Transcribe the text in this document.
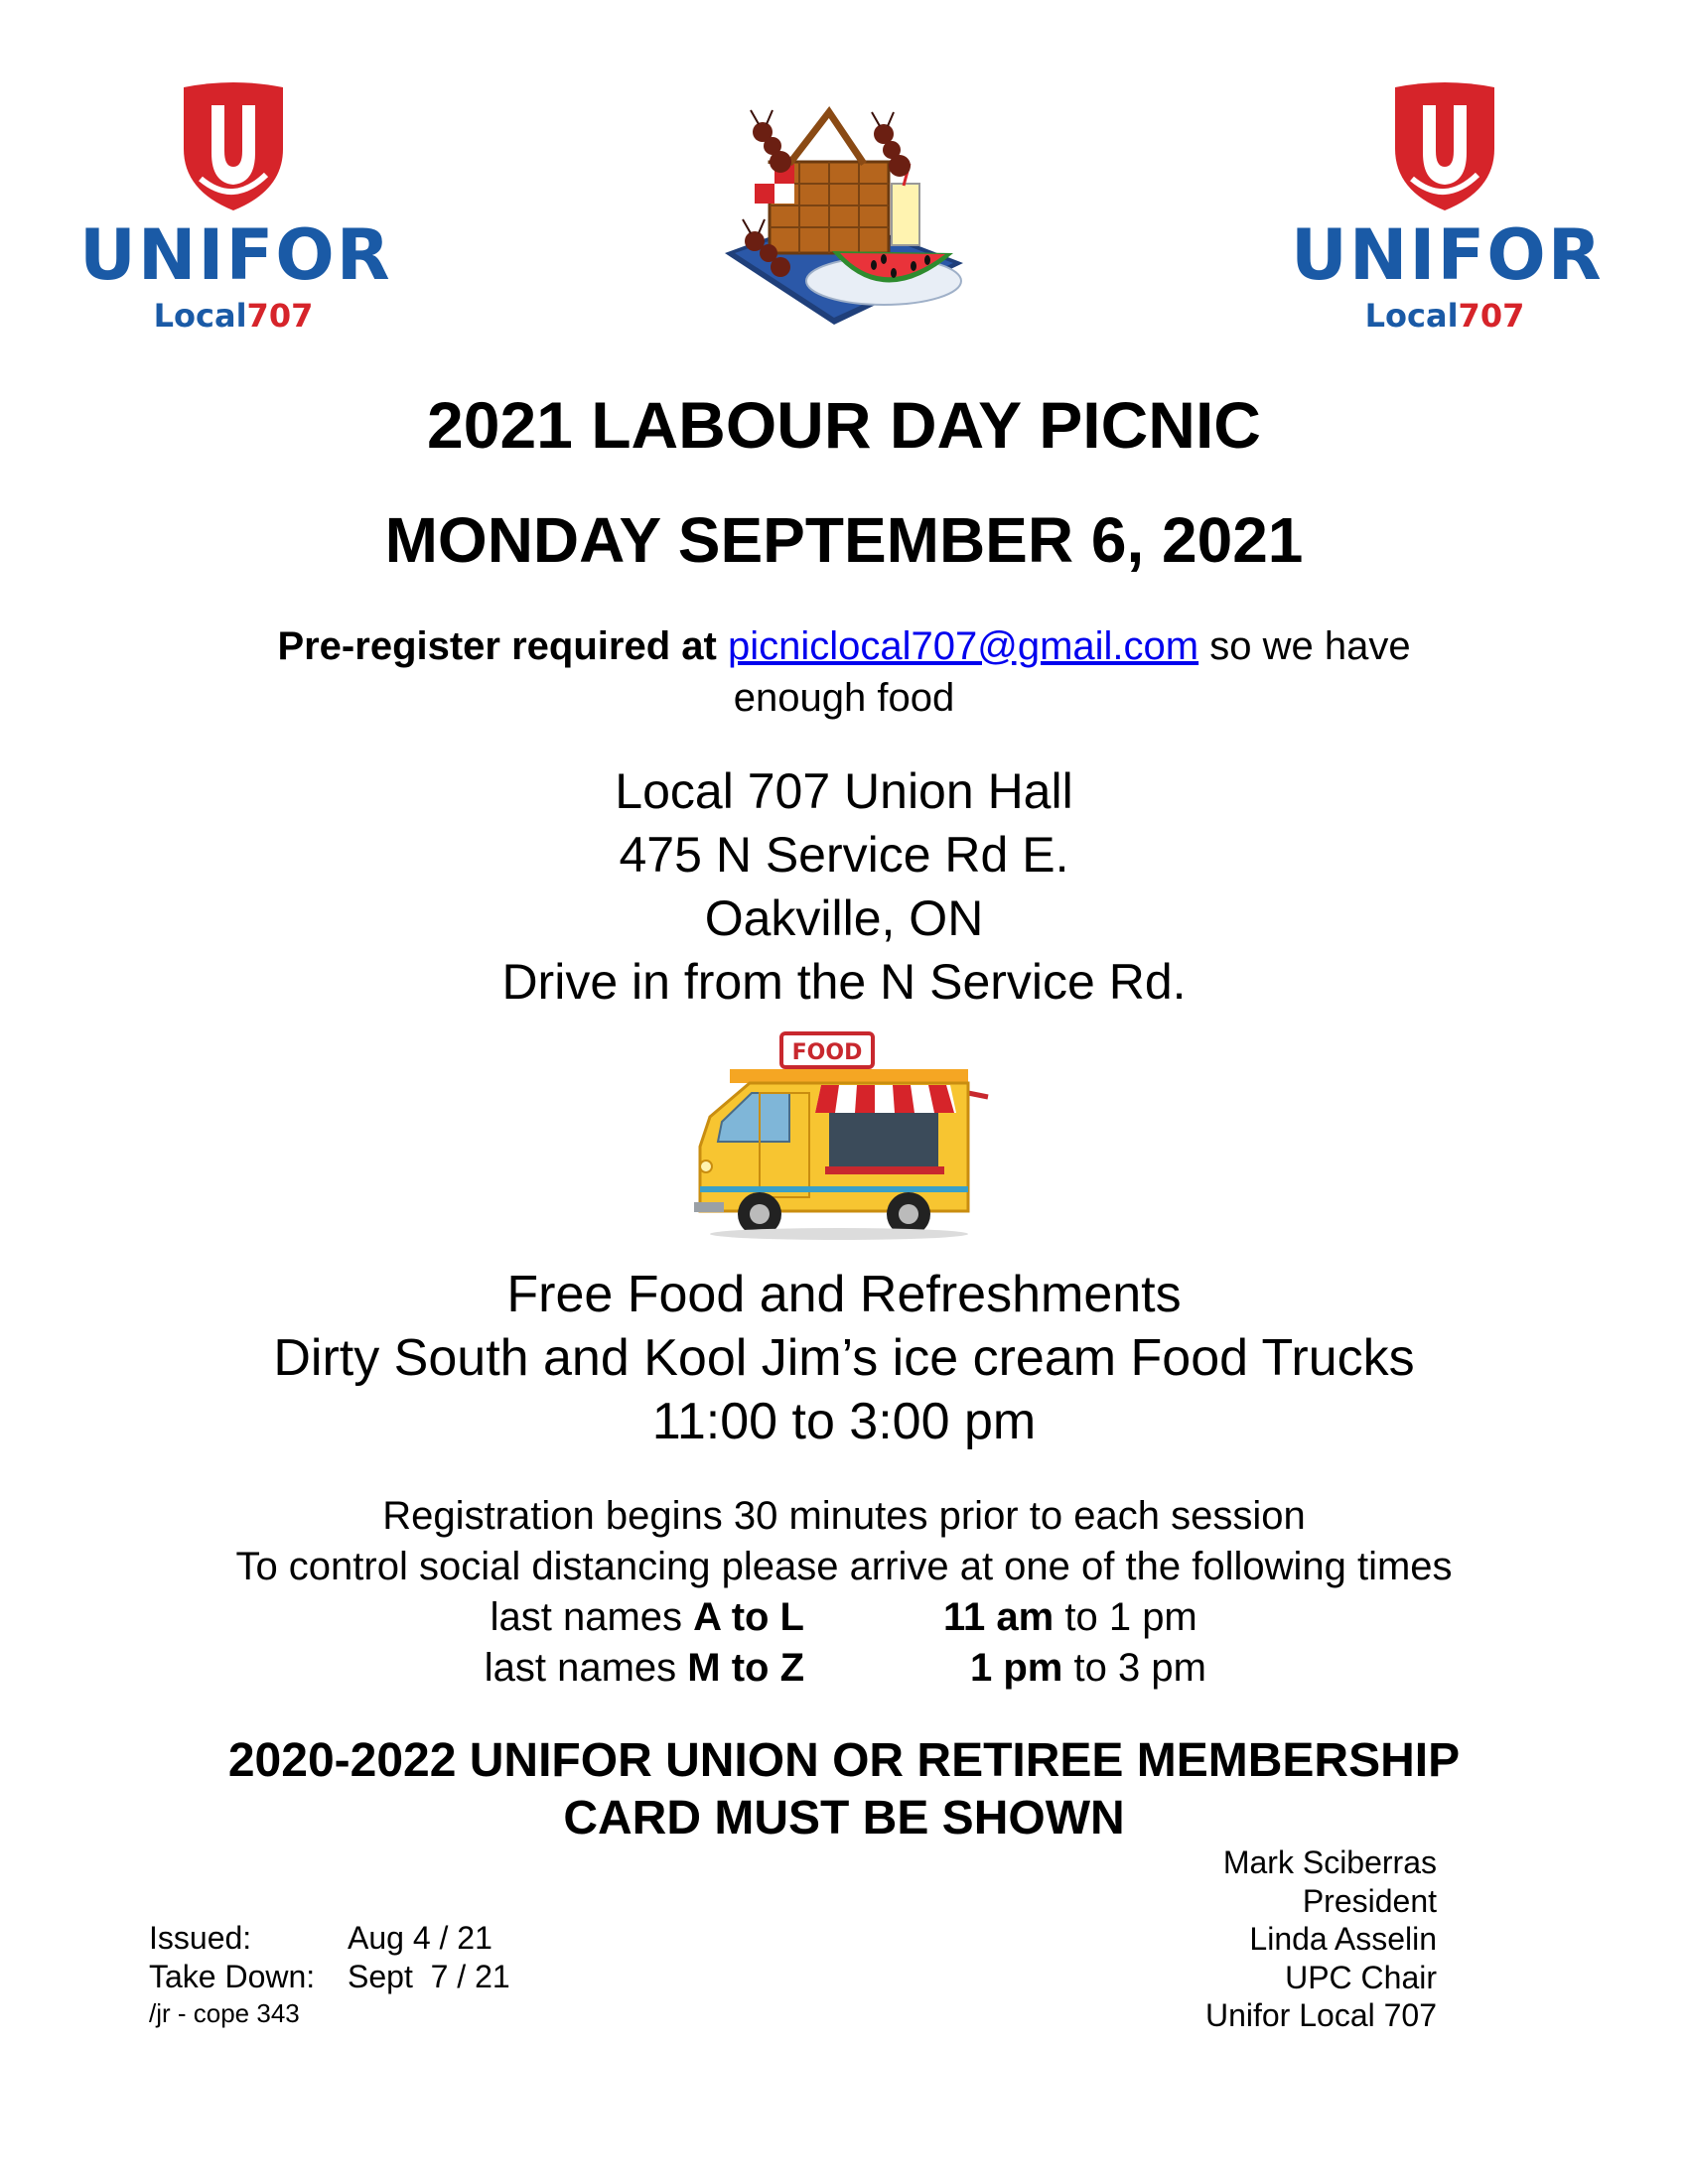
UNIFOR
Local707
UNIFOR
Local707
2021 LABOUR DAY PICNIC
MONDAY SEPTEMBER 6, 2021
Pre-register required at picniclocal707@gmail.com so we have
enough food
Local 707 Union Hall
475 N Service Rd E.
Oakville, ON
Drive in from the N Service Rd.
FOOD
Free Food and Refreshments
Dirty South and Kool Jim’s ice cream Food Trucks
11:00 to 3:00 pm
Registration begins 30 minutes prior to each session
To control social distancing please arrive at one of the following times
last names A to L	11 am to 1 pm
last names M to Z	1 pm to 3 pm
2020-2022 UNIFOR UNION OR RETIREE MEMBERSHIP
CARD MUST BE SHOWN
Mark Sciberras
President
Linda Asselin
UPC Chair
Unifor Local 707
Issued:	Aug 4 / 21
Take Down: Sept  7 / 21
/jr - cope 343
